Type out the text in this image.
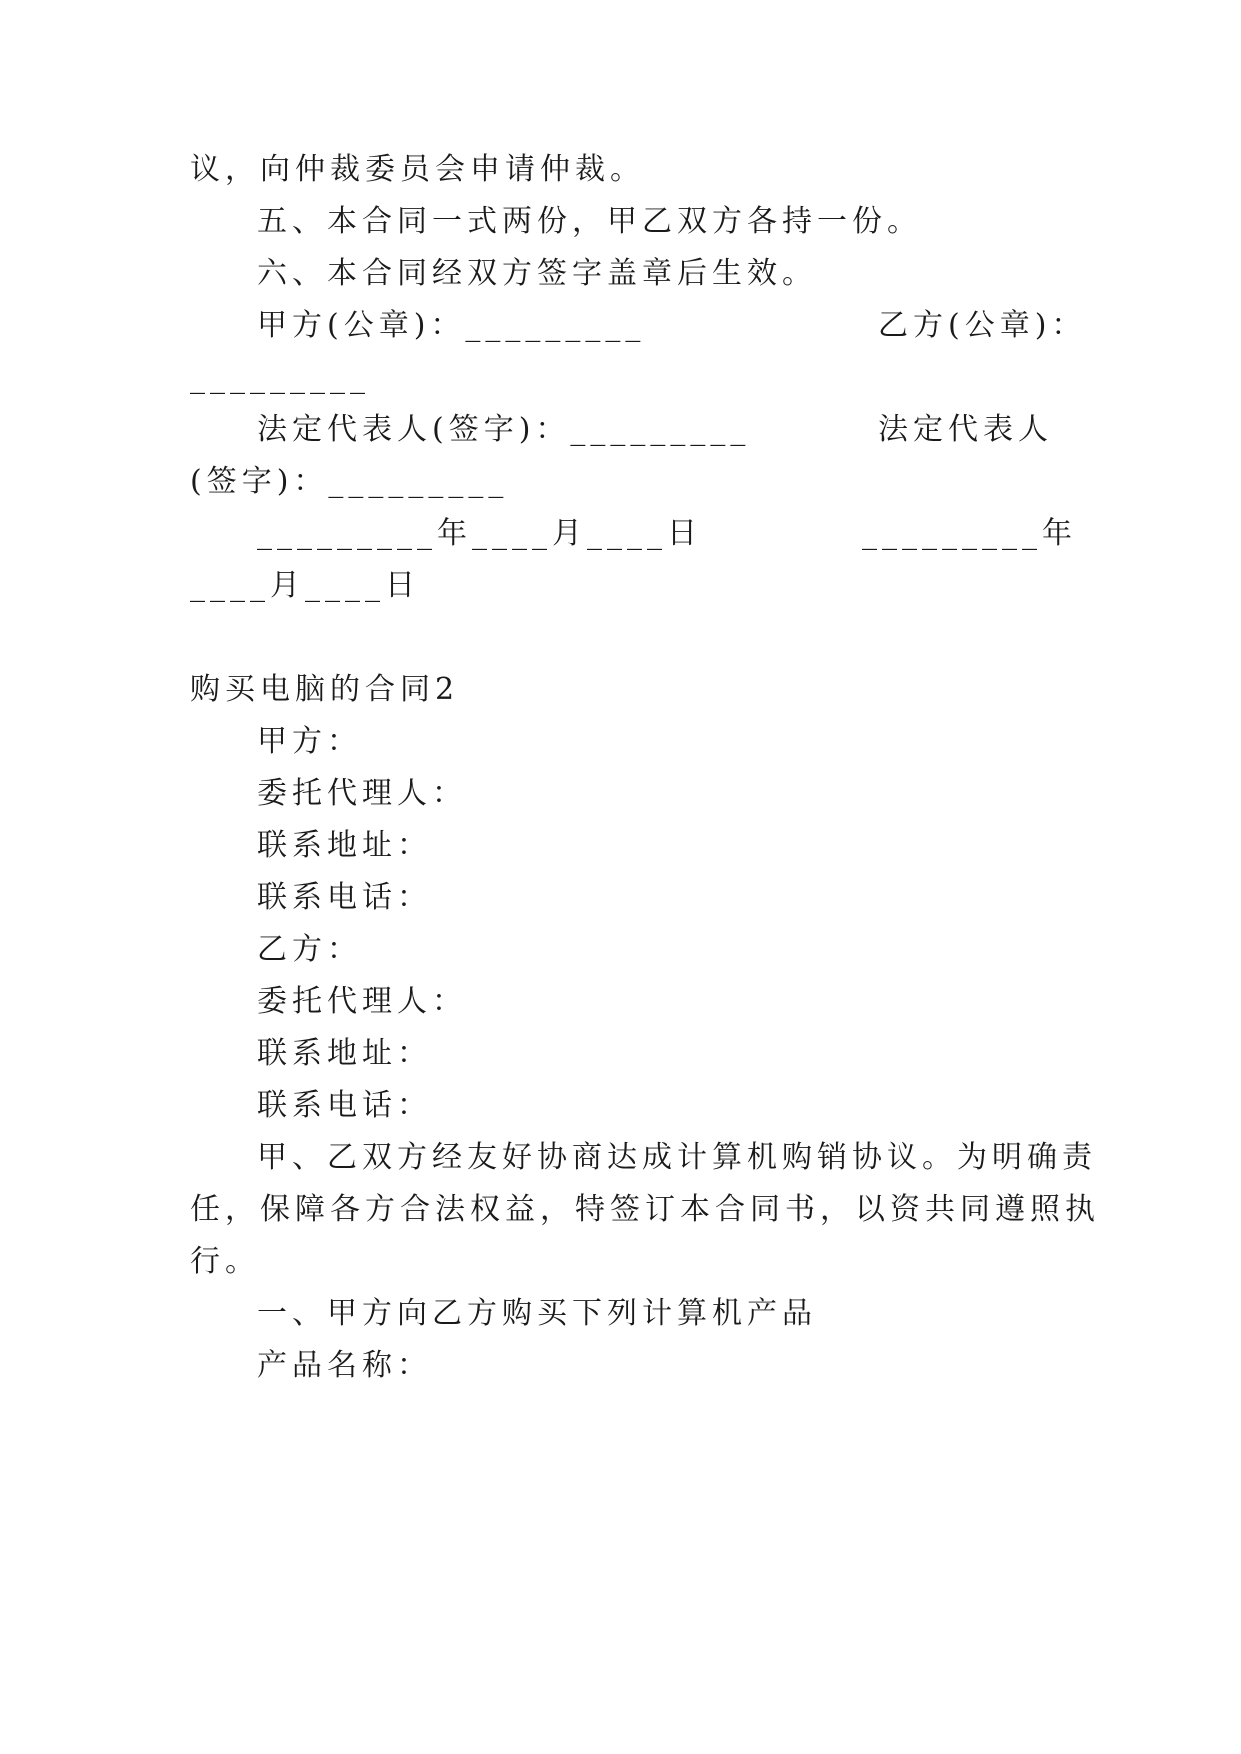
议，向仲裁委员会申请仲裁。
五、本合同一式两份，甲乙双方各持一份。
六、本合同经双方签字盖章后生效。
甲方(公章)：_________	乙方(公章)：
_________
法定代表人(签字)：_________	法定代表人
(签字)：_________
_________年____月____日	_________年
____月____日
购买电脑的合同2
甲方：
委托代理人：
联系地址：
联系电话：
乙方：
委托代理人：
联系地址：
联系电话：
甲、乙双方经友好协商达成计算机购销协议。为明确责
任，保障各方合法权益，特签订本合同书，以资共同遵照执
行。
一、甲方向乙方购买下列计算机产品
产品名称：
